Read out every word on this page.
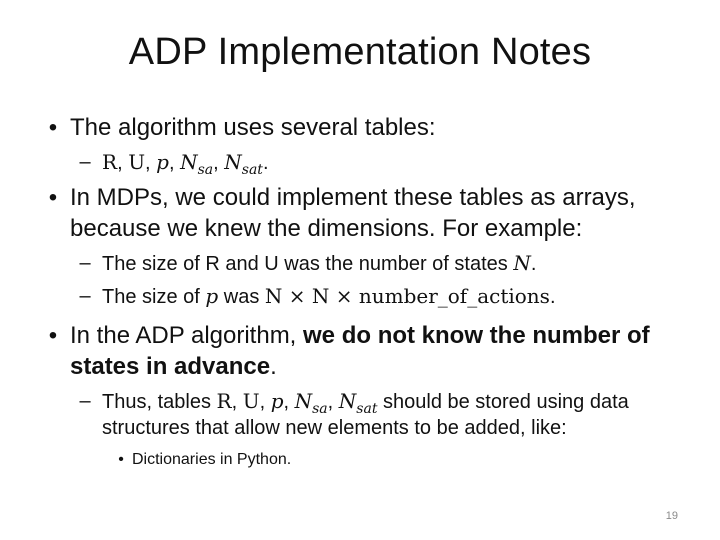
ADP Implementation Notes
• The algorithm uses several tables:
– R, U, p, $N_{sa}$, $N_{sat}$.
• In MDPs, we could implement these tables as arrays, because we knew the dimensions. For example:
– The size of R and U was the number of states N.
– The size of p was N × N × number_of_actions.
• In the ADP algorithm, we do not know the number of states in advance.
– Thus, tables R, U, p, $N_{sa}$, $N_{sat}$ should be stored using data structures that allow new elements to be added, like:
• Dictionaries in Python.
19
